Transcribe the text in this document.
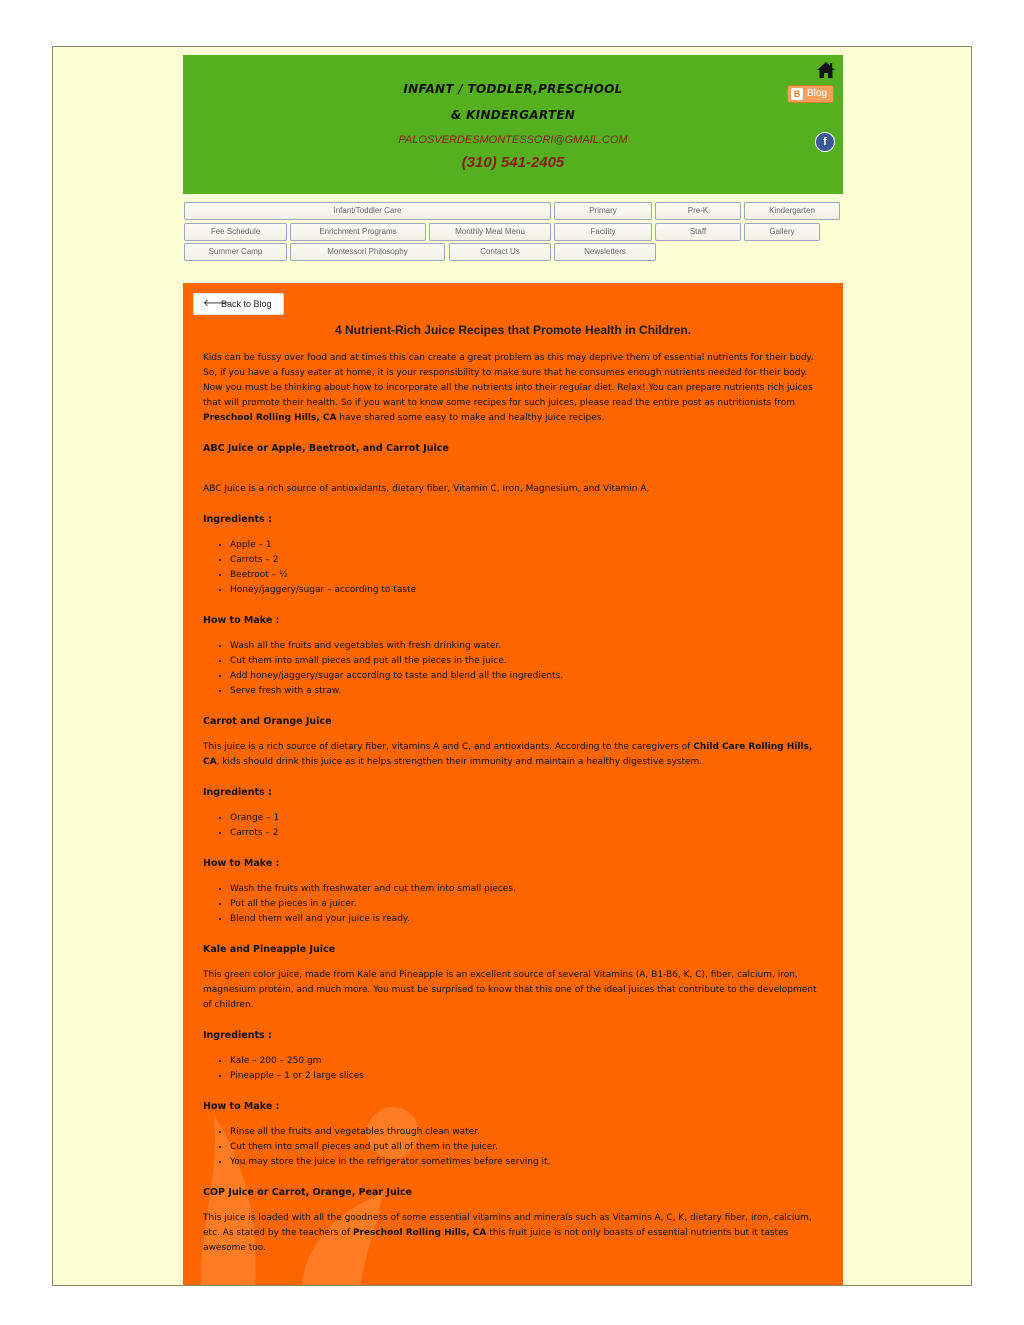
INFANT / TODDLER,PRESCHOOL
& KINDERGARTEN
PALOSVERDESMONTESSORI@GMAIL.COM
(310) 541-2405
B Blog
f
Infant/Toddler Care	Primary	Pre-K	Kindergarten
Fee Schedule	Enrichment Programs	Monthly Meal Menu	Facility	Staff	Gallery
Summer Camp	Montessori Philosophy	Contact Us	Newsletters
🡐
Back to Blog
4 Nutrient-Rich Juice Recipes that Promote Health in Children.

Kids can be fussy over food and at times this can create a great problem as this may deprive them of essential nutrients for their body. So, if you have a fussy eater at home, it is your responsibility to make sure that he consumes enough nutrients needed for their body. Now you must be thinking about how to incorporate all the nutrients into their regular diet. Relax! You can prepare nutrients rich juices that will promote their health. So if you want to know some recipes for such juices, please read the entire post as nutritionists from Preschool Rolling Hills, CA have shared some easy to make and healthy juice recipes.

ABC Juice or Apple, Beetroot, and Carrot Juice

ABC Juice is a rich source of antioxidants, dietary fiber, Vitamin C, Iron, Magnesium, and Vitamin A.

Ingredients :
• Apple – 1
• Carrots – 2
• Beetroot – ½
• Honey/jaggery/sugar – according to taste
How to Make :
• Wash all the fruits and vegetables with fresh drinking water.
• Cut them into small pieces and put all the pieces in the juice.
• Add honey/jaggery/sugar according to taste and blend all the ingredients.
• Serve fresh with a straw.
Carrot and Orange Juice

This juice is a rich source of dietary fiber, vitamins A and C, and antioxidants. According to the caregivers of Child Care Rolling Hills, CA, kids should drink this juice as it helps strengthen their immunity and maintain a healthy digestive system.

Ingredients :
• Orange – 1
• Carrots – 2
How to Make :
• Wash the fruits with freshwater and cut them into small pieces.
• Put all the pieces in a juicer.
• Blend them well and your juice is ready.
Kale and Pineapple Juice

This green color juice, made from Kale and Pineapple is an excellent source of several Vitamins (A, B1-B6, K, C), fiber, calcium, iron, magnesium protein, and much more. You must be surprised to know that this one of the ideal juices that contribute to the development of children.

Ingredients :
• Kale – 200 – 250 gm
• Pineapple – 1 or 2 large slices
How to Make :
• Rinse all the fruits and vegetables through clean water.
• Cut them into small pieces and put all of them in the juicer.
• You may store the juice in the refrigerator sometimes before serving it.
COP Juice or Carrot, Orange, Pear Juice

This juice is loaded with all the goodness of some essential vitamins and minerals such as Vitamins A, C, K, dietary fiber, iron, calcium, etc. As stated by the teachers of Preschool Rolling Hills, CA this fruit juice is not only boasts of essential nutrients but it tastes awesome too.
